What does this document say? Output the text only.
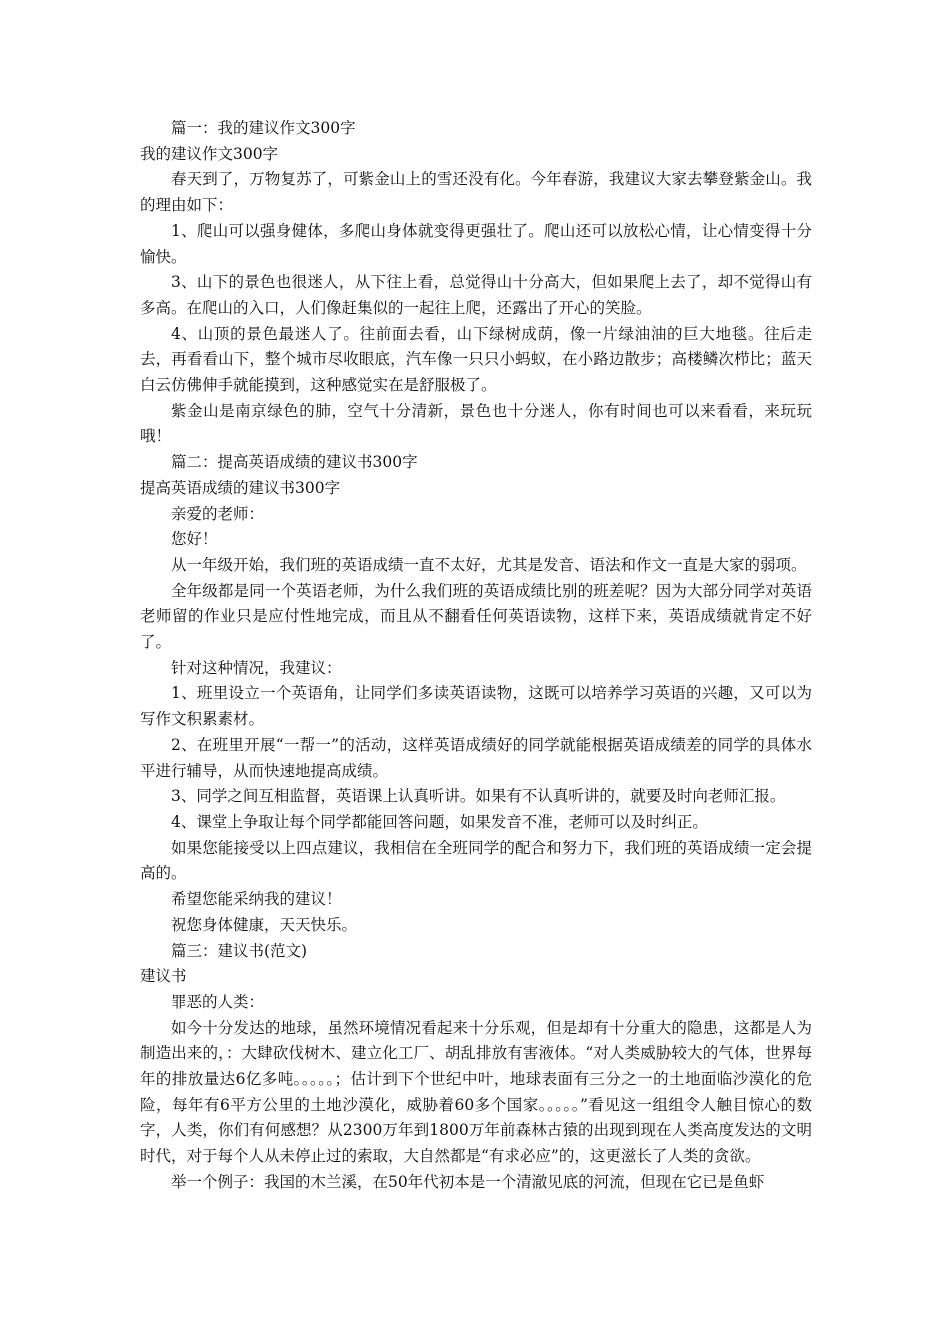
篇一：我的建议作文300字

我的建议作文300字

春天到了，万物复苏了，可紫金山上的雪还没有化。今年春游，我建议大家去攀登紫金山。我的理由如下：

1、爬山可以强身健体，多爬山身体就变得更强壮了。爬山还可以放松心情，让心情变得十分愉快。

3、山下的景色也很迷人，从下往上看，总觉得山十分高大，但如果爬上去了，却不觉得山有多高。在爬山的入口，人们像赶集似的一起往上爬，还露出了开心的笑脸。

4、山顶的景色最迷人了。往前面去看，山下绿树成荫，像一片绿油油的巨大地毯。往后走去，再看看山下，整个城市尽收眼底，汽车像一只只小蚂蚁，在小路边散步；高楼鳞次栉比；蓝天白云仿佛伸手就能摸到，这种感觉实在是舒服极了。

紫金山是南京绿色的肺，空气十分清新，景色也十分迷人，你有时间也可以来看看，来玩玩哦！

篇二：提高英语成绩的建议书300字

提高英语成绩的建议书300字

亲爱的老师：

您好！

从一年级开始，我们班的英语成绩一直不太好，尤其是发音、语法和作文一直是大家的弱项。

全年级都是同一个英语老师，为什么我们班的英语成绩比别的班差呢？因为大部分同学对英语老师留的作业只是应付性地完成，而且从不翻看任何英语读物，这样下来，英语成绩就肯定不好了。

针对这种情况，我建议：

1、班里设立一个英语角，让同学们多读英语读物，这既可以培养学习英语的兴趣，又可以为写作文积累素材。

2、在班里开展“一帮一”的活动，这样英语成绩好的同学就能根据英语成绩差的同学的具体水平进行辅导，从而快速地提高成绩。

3、同学之间互相监督，英语课上认真听讲。如果有不认真听讲的，就要及时向老师汇报。

4、课堂上争取让每个同学都能回答问题，如果发音不准，老师可以及时纠正。

如果您能接受以上四点建议，我相信在全班同学的配合和努力下，我们班的英语成绩一定会提高的。

希望您能采纳我的建议！

祝您身体健康，天天快乐。

篇三：建议书(范文)

建议书

罪恶的人类：

如今十分发达的地球，虽然环境情况看起来十分乐观，但是却有十分重大的隐患，这都是人为制造出来的，：大肆砍伐树木、建立化工厂、胡乱排放有害液体。“对人类威胁较大的气体，世界每年的排放量达6亿多吨。。。。。；估计到下个世纪中叶，地球表面有三分之一的土地面临沙漠化的危险，每年有6平方公里的土地沙漠化，威胁着60多个国家。。。。。”看见这一组组令人触目惊心的数字，人类，你们有何感想？从2300万年到1800万年前森林古猿的出现到现在人类高度发达的文明时代，对于每个人从未停止过的索取，大自然都是“有求必应”的，这更滋长了人类的贪欲。

举一个例子：我国的木兰溪，在50年代初本是一个清澈见底的河流，但现在它已是鱼虾
